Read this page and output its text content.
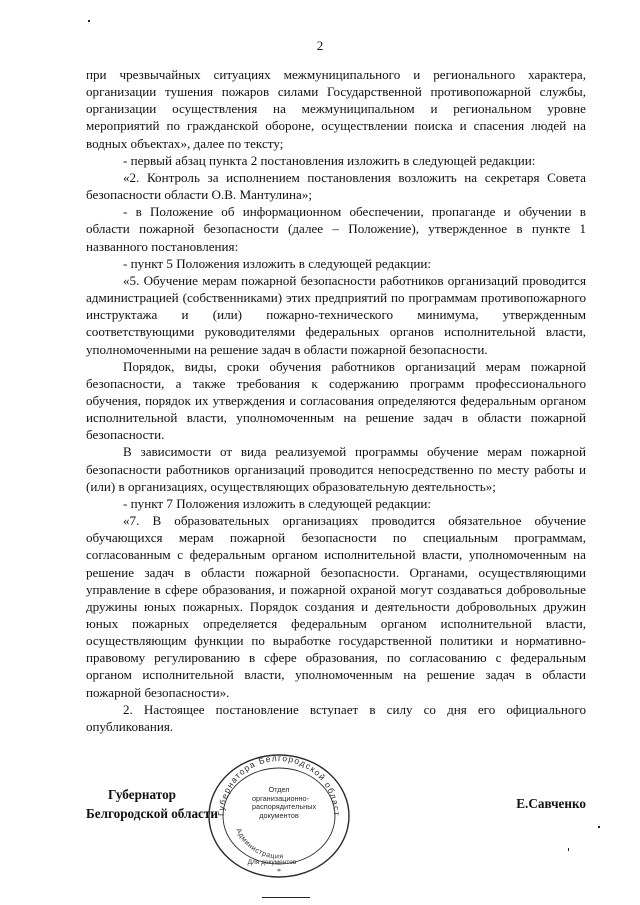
2

при чрезвычайных ситуациях межмуниципального и регионального характера, организации тушения пожаров силами Государственной противопожарной службы, организации осуществления на межмуниципальном и региональном уровне мероприятий по гражданской обороне, осуществлении поиска и спасения людей на водных объектах», далее по тексту;

- первый абзац пункта 2 постановления изложить в следующей редакции:

«2. Контроль за исполнением постановления возложить на секретаря Совета безопасности области О.В. Мантулина»;

- в Положение об информационном обеспечении, пропаганде и обучении в области пожарной безопасности (далее – Положение), утвержденное в пункте 1 названного постановления:

- пункт 5 Положения изложить в следующей редакции:

«5. Обучение мерам пожарной безопасности работников организаций проводится администрацией (собственниками) этих предприятий по программам противопожарного инструктажа и (или) пожарно-технического минимума, утвержденным соответствующими руководителями федеральных органов исполнительной власти, уполномоченными на решение задач в области пожарной безопасности.

Порядок, виды, сроки обучения работников организаций мерам пожарной безопасности, а также требования к содержанию программ профессионального обучения, порядок их утверждения и согласования определяются федеральным органом исполнительной власти, уполномоченным на решение задач в области пожарной безопасности.

В зависимости от вида реализуемой программы обучение мерам пожарной безопасности работников организаций проводится непосредственно по месту работы и (или) в организациях, осуществляющих образовательную деятельность»;

- пункт 7 Положения изложить в следующей редакции:

«7. В образовательных организациях проводится обязательное обучение обучающихся мерам пожарной безопасности по специальным программам, согласованным с федеральным органом исполнительной власти, уполномоченным на решение задач в области пожарной безопасности. Органами, осуществляющими управление в сфере образования, и пожарной охраной могут создаваться добровольные дружины юных пожарных. Порядок создания и деятельности добровольных дружин юных пожарных определяется федеральным органом исполнительной власти, осуществляющим функции по выработке государственной политики и нормативно-правовому регулированию в сфере образования, по согласованию с федеральным органом исполнительной власти, уполномоченным на решение задач в области пожарной безопасности».

2. Настоящее постановление вступает в силу со дня его официального опубликования.

Губернатор
Белгородской области
Е.Савченко
Губернатора Белгородской област
Администрация
Для документов
*
Отдел
организационно-
распорядительных
документов
